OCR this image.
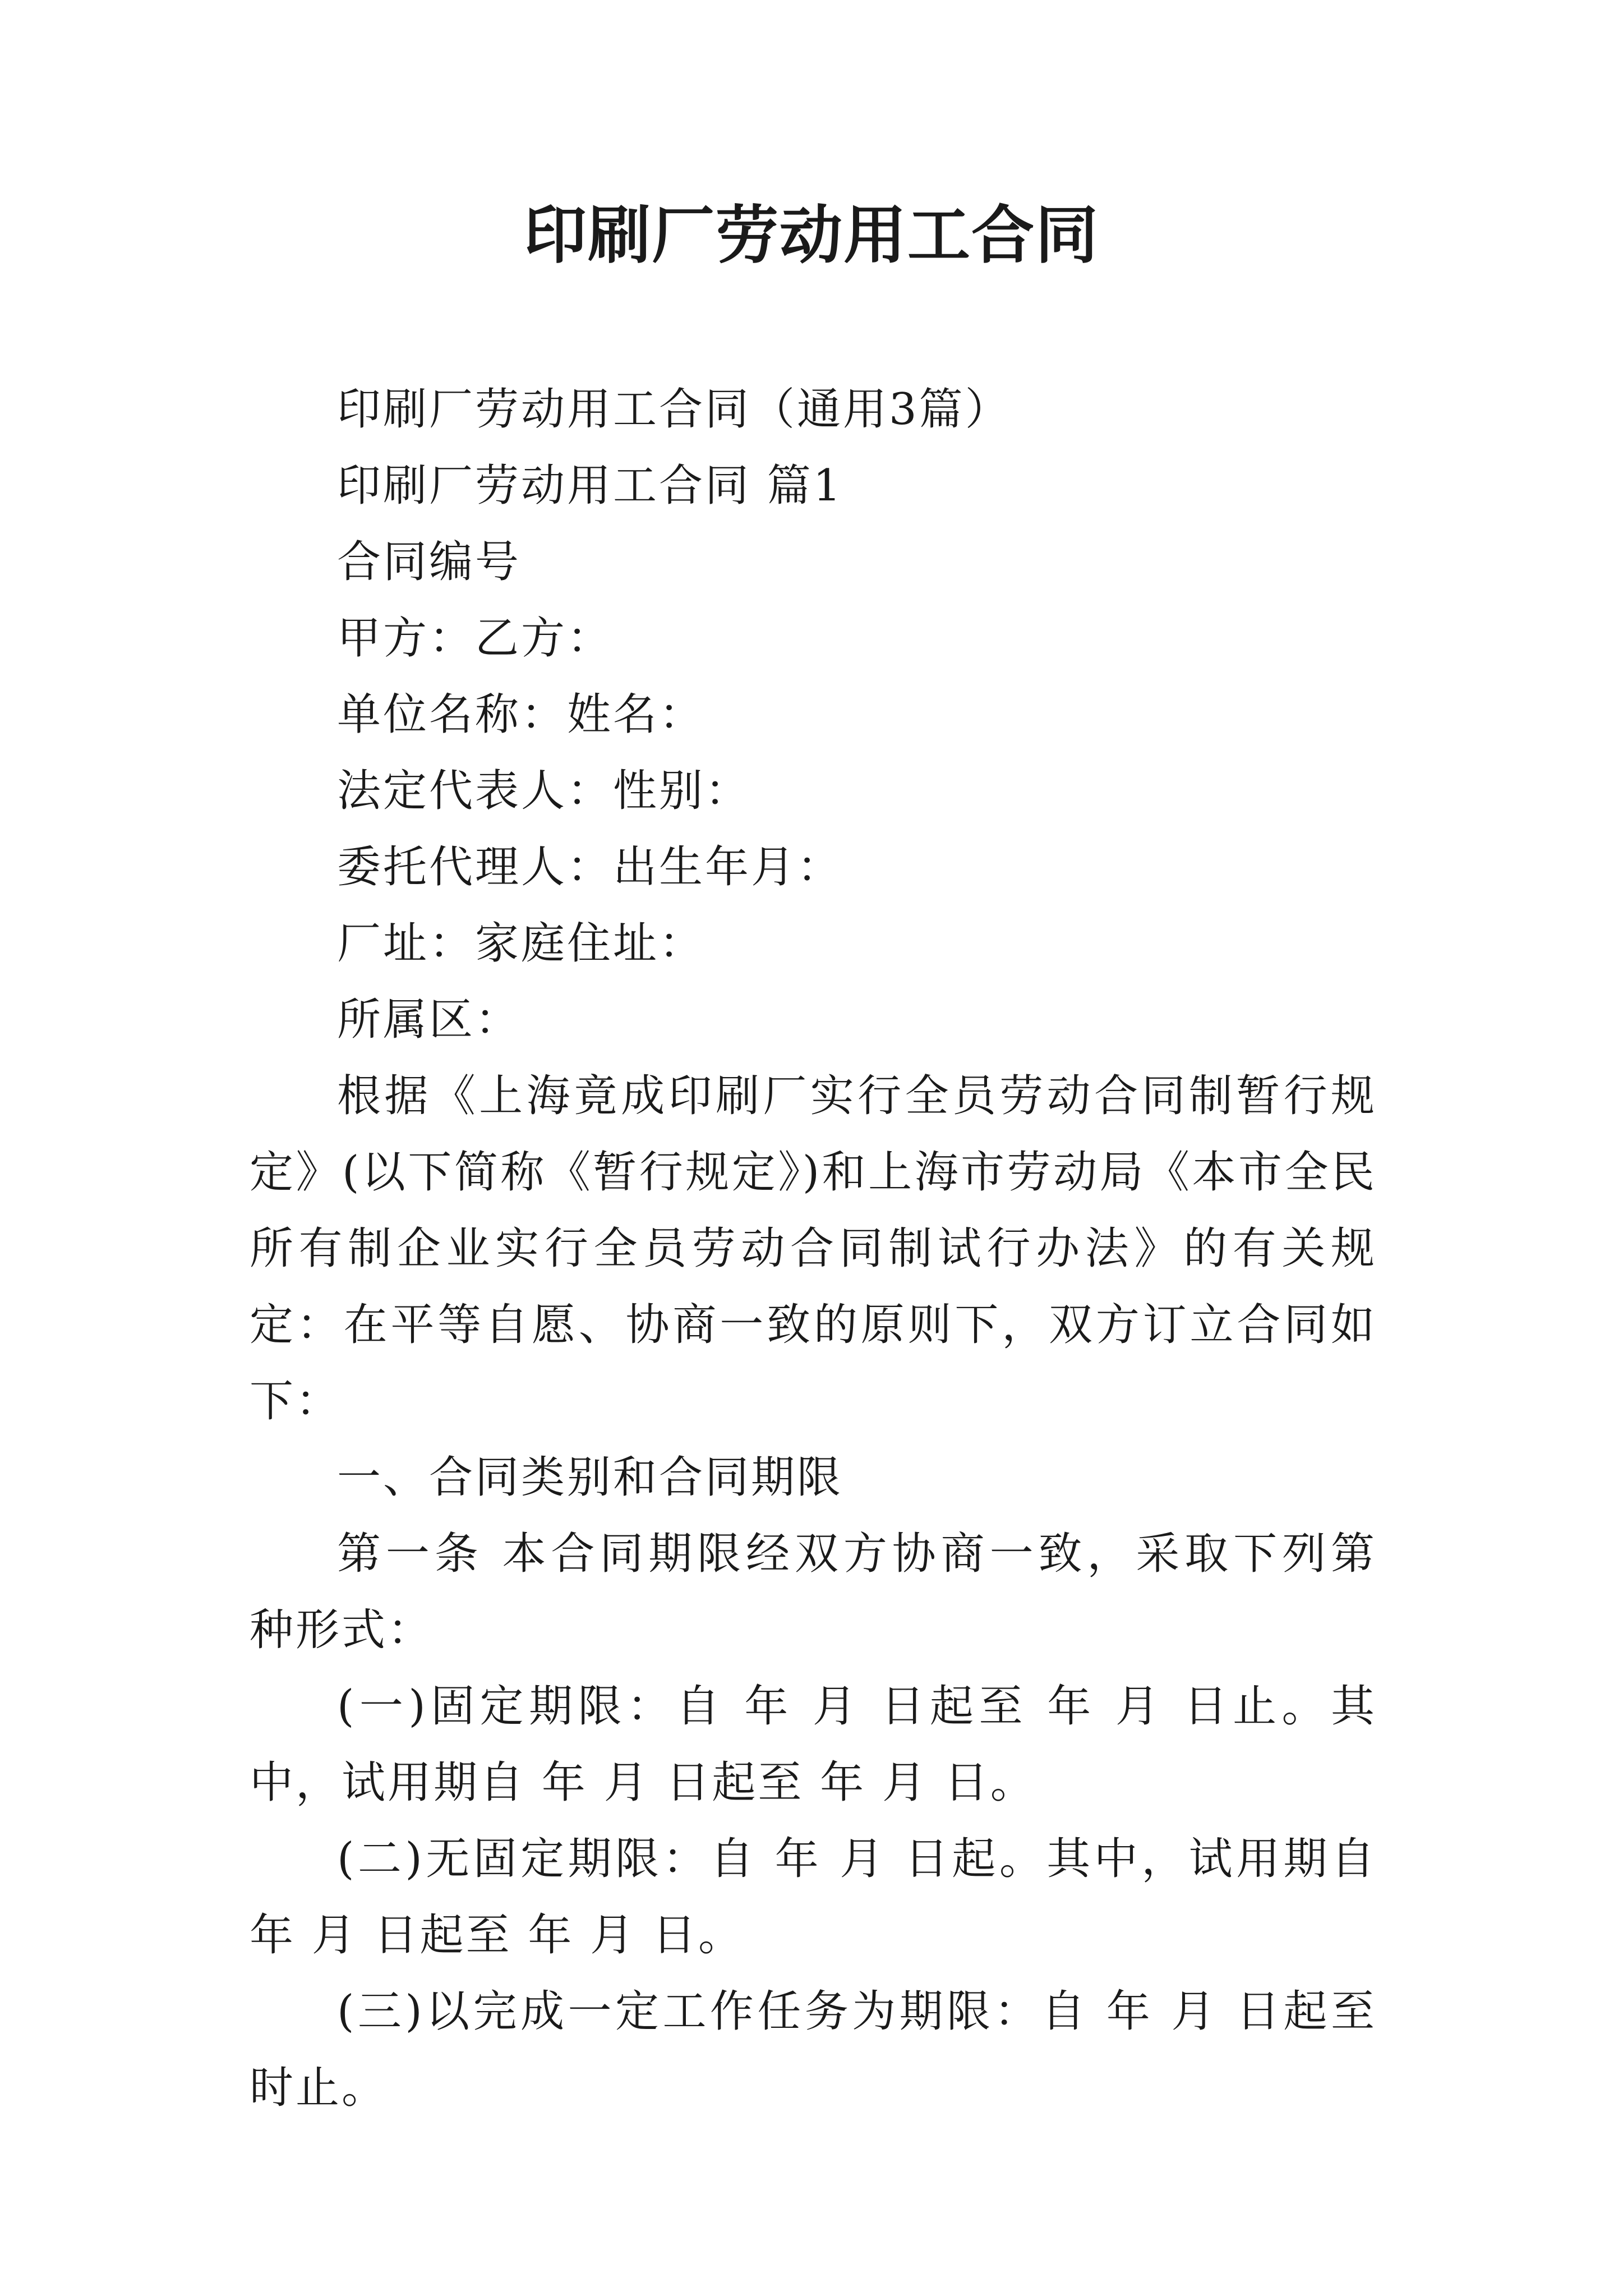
印刷厂劳动用工合同

印刷厂劳动用工合同（通用3篇）

印刷厂劳动用工合同 篇1

合同编号

甲方：乙方：

单位名称：姓名：

法定代表人：性别：

委托代理人：出生年月：

厂址：家庭住址：

所属区：

根据《上海竟成印刷厂实行全员劳动合同制暂行规定》(以下简称《暂行规定》)和上海市劳动局《本市全民所有制企业实行全员劳动合同制试行办法》的有关规定：在平等自愿、协商一致的原则下，双方订立合同如下：

一、合同类别和合同期限

第一条 本合同期限经双方协商一致，采取下列第 种形式：

(一)固定期限：自 年 月 日起至 年 月 日止。其中，试用期自 年 月 日起至 年 月 日。

(二)无固定期限：自 年 月 日起。其中，试用期自 年 月 日起至 年 月 日。

(三)以完成一定工作任务为期限：自 年 月 日起至 时止。
